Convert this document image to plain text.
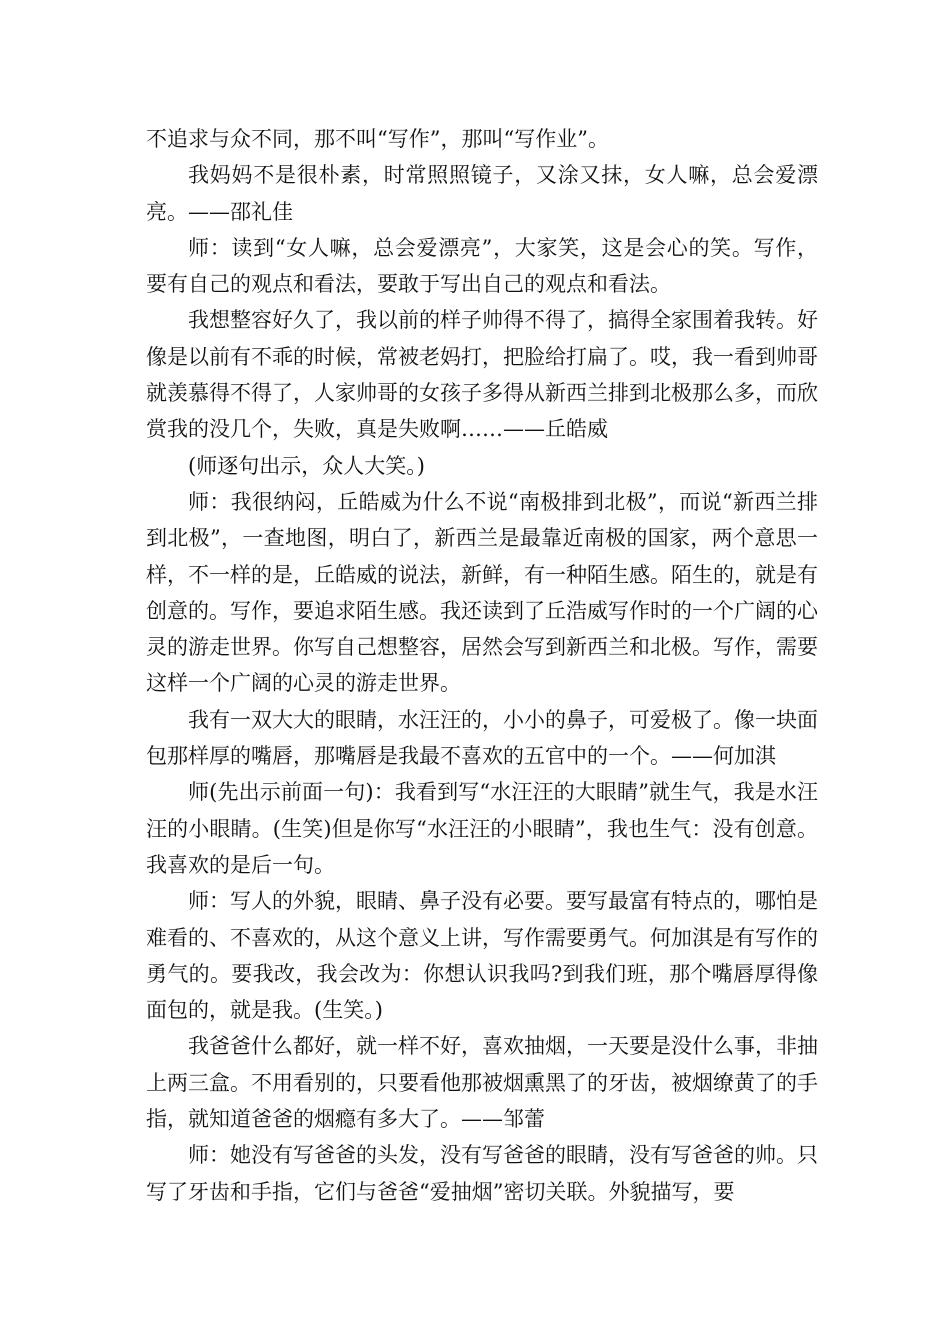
不追求与众不同，那不叫“写作”，那叫“写作业”。

我妈妈不是很朴素，时常照照镜子，又涂又抹，女人嘛，总会爱漂亮。——邵礼佳

师：读到“女人嘛，总会爱漂亮”，大家笑，这是会心的笑。写作，要有自己的观点和看法，要敢于写出自己的观点和看法。

我想整容好久了，我以前的样子帅得不得了，搞得全家围着我转。好像是以前有不乖的时候，常被老妈打，把脸给打扁了。哎，我一看到帅哥就羡慕得不得了，人家帅哥的女孩子多得从新西兰排到北极那么多，而欣赏我的没几个，失败，真是失败啊……——丘皓威

(师逐句出示，众人大笑。)

师：我很纳闷，丘皓威为什么不说“南极排到北极”，而说“新西兰排到北极”，一查地图，明白了，新西兰是最靠近南极的国家，两个意思一样，不一样的是，丘皓威的说法，新鲜，有一种陌生感。陌生的，就是有创意的。写作，要追求陌生感。我还读到了丘浩威写作时的一个广阔的心灵的游走世界。你写自己想整容，居然会写到新西兰和北极。写作，需要这样一个广阔的心灵的游走世界。

我有一双大大的眼睛，水汪汪的，小小的鼻子，可爱极了。像一块面包那样厚的嘴唇，那嘴唇是我最不喜欢的五官中的一个。——何加淇

师(先出示前面一句)：我看到写“水汪汪的大眼睛”就生气，我是水汪汪的小眼睛。(生笑)但是你写“水汪汪的小眼睛”，我也生气：没有创意。我喜欢的是后一句。

师：写人的外貌，眼睛、鼻子没有必要。要写最富有特点的，哪怕是难看的、不喜欢的，从这个意义上讲，写作需要勇气。何加淇是有写作的勇气的。要我改，我会改为：你想认识我吗?到我们班，那个嘴唇厚得像面包的，就是我。(生笑。)

我爸爸什么都好，就一样不好，喜欢抽烟，一天要是没什么事，非抽上两三盒。不用看别的，只要看他那被烟熏黑了的牙齿，被烟缭黄了的手指，就知道爸爸的烟瘾有多大了。——邹蕾

师：她没有写爸爸的头发，没有写爸爸的眼睛，没有写爸爸的帅。只写了牙齿和手指，它们与爸爸“爱抽烟”密切关联。外貌描写，要
